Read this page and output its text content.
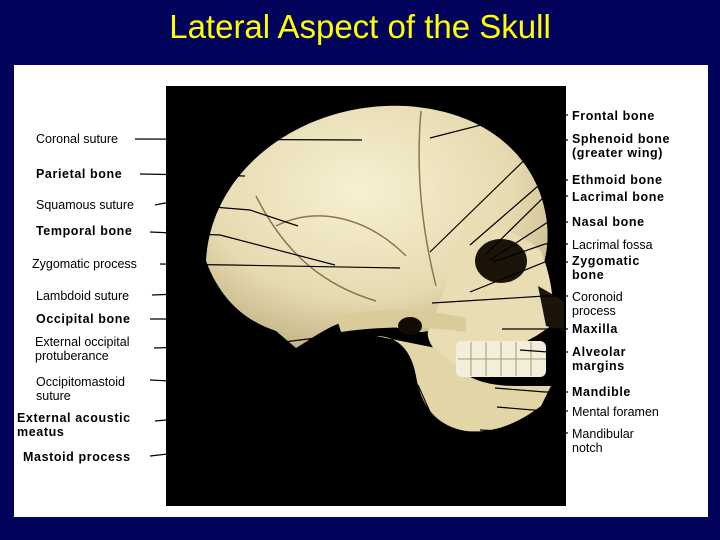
Lateral Aspect of the Skull
Coronal suture
Parietal bone
Squamous suture
Temporal bone
Zygomatic process
Lambdoid suture
Occipital bone
External occipital
protuberance
Occipitomastoid
suture
External acoustic
meatus
Mastoid process
Mandibular
condyle
Styloid
process	Mandibular ramus
Mandibular angle
Frontal bone
Sphenoid bone
(greater wing)
Ethmoid bone
Lacrimal bone
Nasal bone
Lacrimal fossa
Zygomatic
bone
Coronoid
process
Maxilla
Alveolar
margins
Mandible
Mental foramen
Mandibular
notch
